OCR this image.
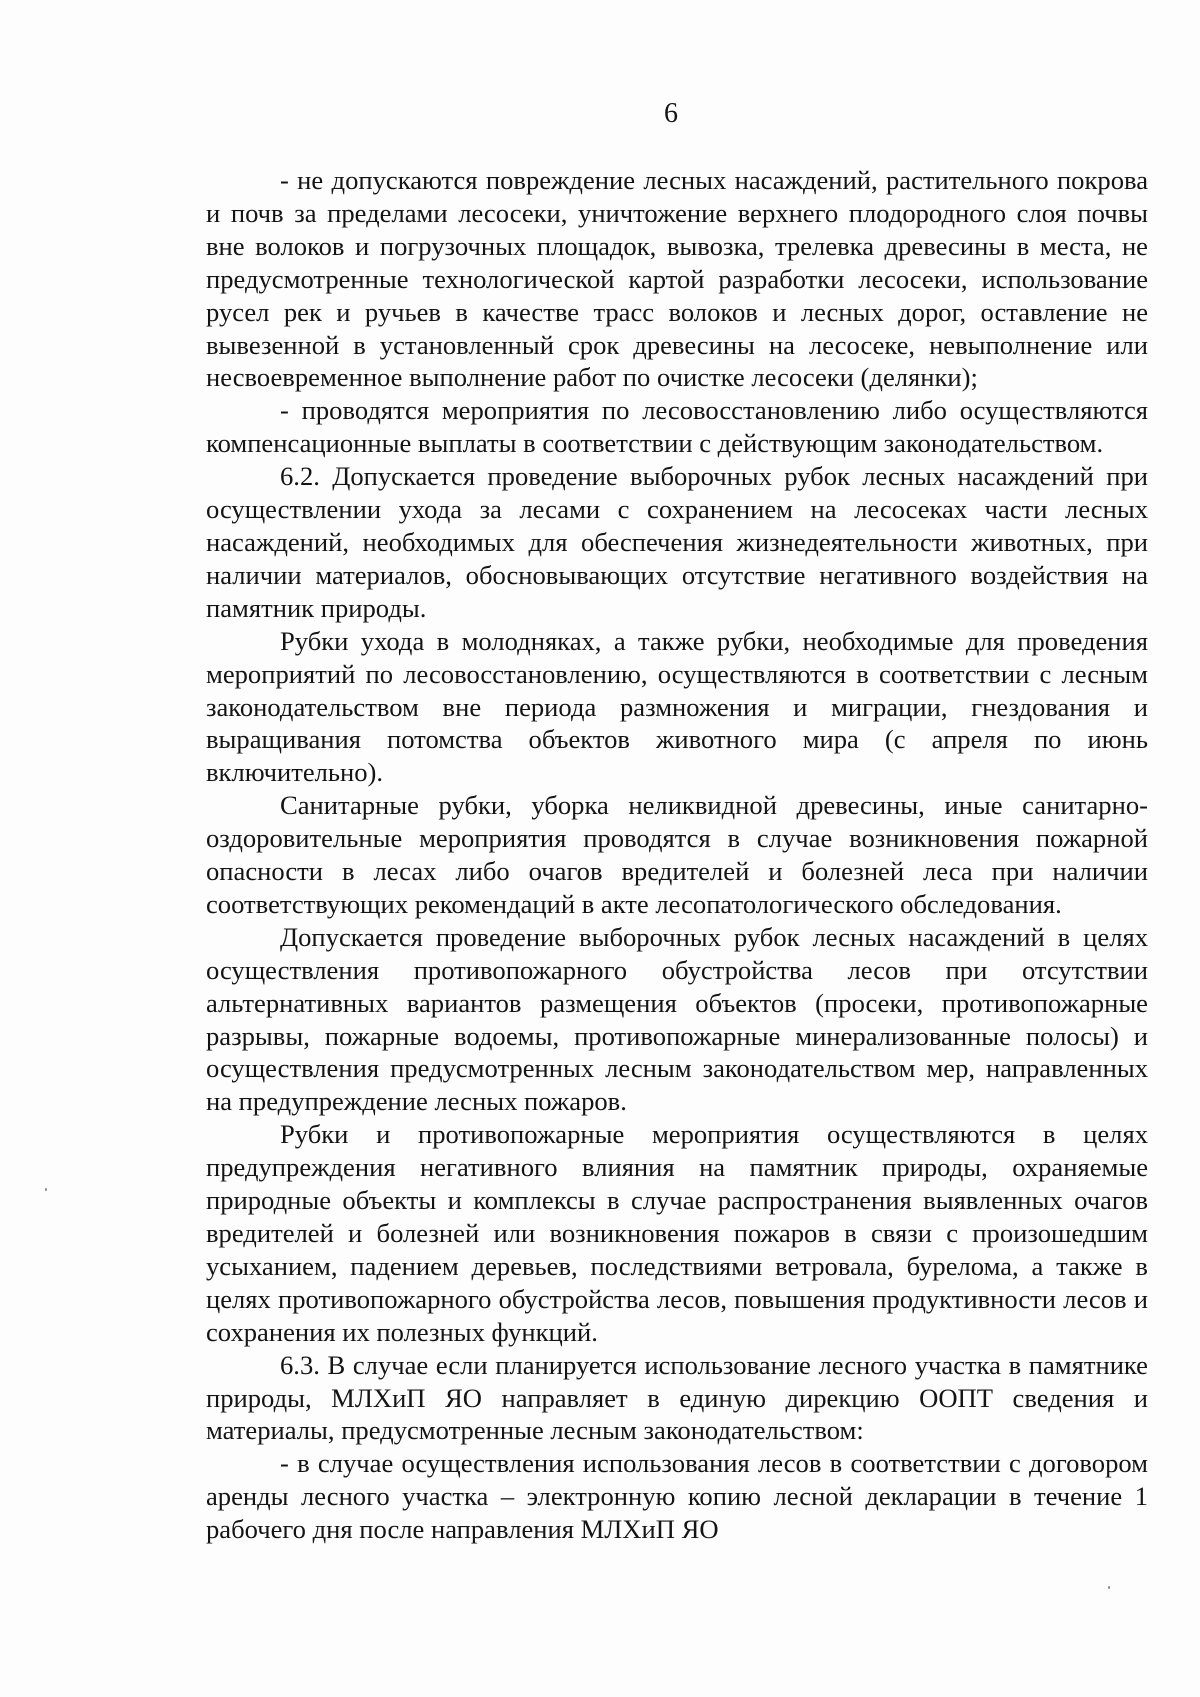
6

- не допускаются повреждение лесных насаждений, растительного покрова и почв за пределами лесосеки, уничтожение верхнего плодородного слоя почвы вне волоков и погрузочных площадок, вывозка, трелевка древесины в места, не предусмотренные технологической картой разработки лесосеки, использование русел рек и ручьев в качестве трасс волоков и лесных дорог, оставление не вывезенной в установленный срок древесины на лесосеке, невыполнение или несвоевременное выполнение работ по очистке лесосеки (делянки);

- проводятся мероприятия по лесовосстановлению либо осуществляются компенсационные выплаты в соответствии с действующим законодательством.

6.2. Допускается проведение выборочных рубок лесных насаждений при осуществлении ухода за лесами с сохранением на лесосеках части лесных насаждений, необходимых для обеспечения жизнедеятельности животных, при наличии материалов, обосновывающих отсутствие негативного воздействия на памятник природы.

Рубки ухода в молодняках, а также рубки, необходимые для проведения мероприятий по лесовосстановлению, осуществляются в соответствии с лесным законодательством вне периода размножения и миграции, гнездования и выращивания потомства объектов животного мира (с апреля по июнь включительно).

Санитарные рубки, уборка неликвидной древесины, иные санитарно-оздоровительные мероприятия проводятся в случае возникновения пожарной опасности в лесах либо очагов вредителей и болезней леса при наличии соответствующих рекомендаций в акте лесопатологического обследования.

Допускается проведение выборочных рубок лесных насаждений в целях осуществления противопожарного обустройства лесов при отсутствии альтернативных вариантов размещения объектов (просеки, противопожарные разрывы, пожарные водоемы, противопожарные минерализованные полосы) и осуществления предусмотренных лесным законодательством мер, направленных на предупреждение лесных пожаров.

Рубки и противопожарные мероприятия осуществляются в целях предупреждения негативного влияния на памятник природы, охраняемые природные объекты и комплексы в случае распространения выявленных очагов вредителей и болезней или возникновения пожаров в связи с произошедшим усыханием, падением деревьев, последствиями ветровала, бурелома, а также в целях противопожарного обустройства лесов, повышения продуктивности лесов и сохранения их полезных функций.

6.3. В случае если планируется использование лесного участка в памятнике природы, МЛХиП ЯО направляет в единую дирекцию ООПТ сведения и материалы, предусмотренные лесным законодательством:

- в случае осуществления использования лесов в соответствии с договором аренды лесного участка – электронную копию лесной декларации в течение 1 рабочего дня после направления МЛХиП ЯО
